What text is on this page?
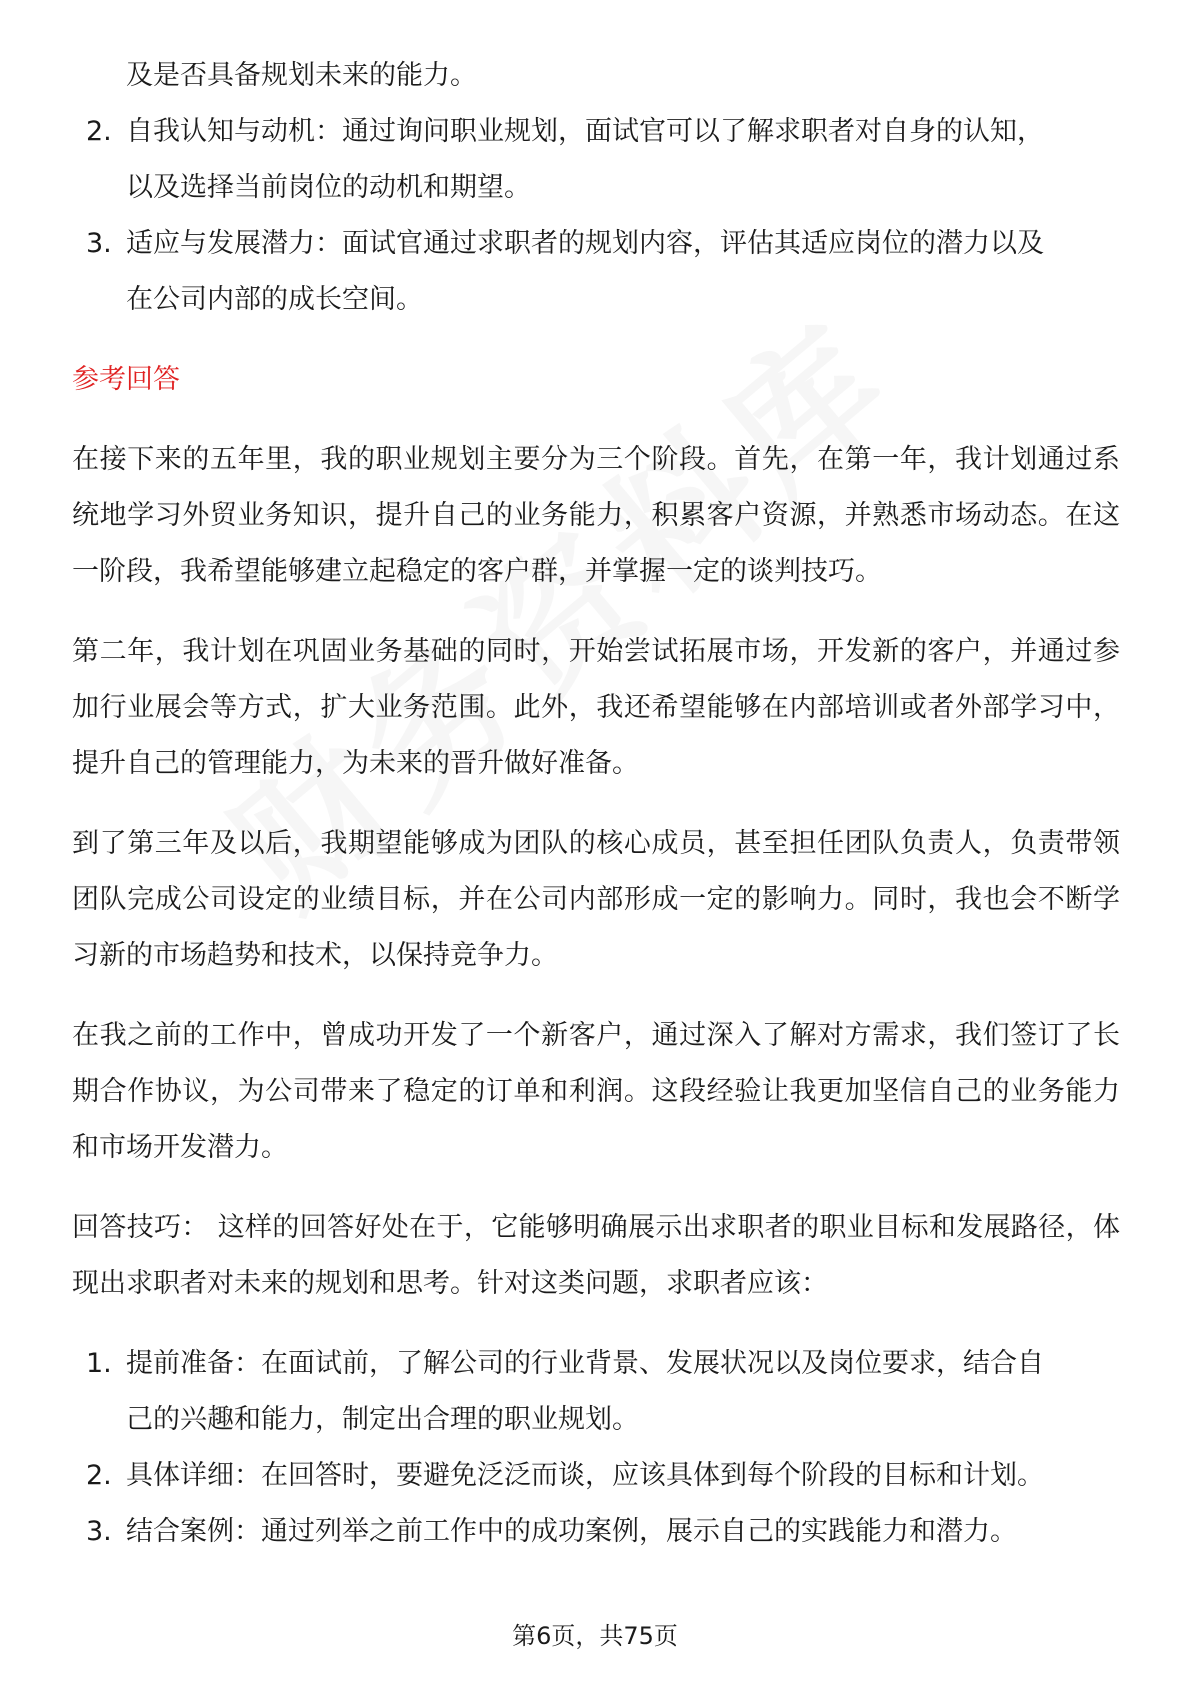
及是否具备规划未来的能力。
2. 自我认知与动机：通过询问职业规划，面试官可以了解求职者对自身的认知，
以及选择当前岗位的动机和期望。
3. 适应与发展潜力：面试官通过求职者的规划内容，评估其适应岗位的潜力以及
在公司内部的成长空间。
参考回答
在接下来的五年里，我的职业规划主要分为三个阶段。首先，在第一年，我计划通过系统地学习外贸业务知识，提升自己的业务能力，积累客户资源，并熟悉市场动态。在这一阶段，我希望能够建立起稳定的客户群，并掌握一定的谈判技巧。
第二年，我计划在巩固业务基础的同时，开始尝试拓展市场，开发新的客户，并通过参加行业展会等方式，扩大业务范围。此外，我还希望能够在内部培训或者外部学习中，提升自己的管理能力，为未来的晋升做好准备。
到了第三年及以后，我期望能够成为团队的核心成员，甚至担任团队负责人，负责带领团队完成公司设定的业绩目标，并在公司内部形成一定的影响力。同时，我也会不断学习新的市场趋势和技术，以保持竞争力。
在我之前的工作中，曾成功开发了一个新客户，通过深入了解对方需求，我们签订了长期合作协议，为公司带来了稳定的订单和利润。这段经验让我更加坚信自己的业务能力和市场开发潜力。
回答技巧： 这样的回答好处在于，它能够明确展示出求职者的职业目标和发展路径，体现出求职者对未来的规划和思考。针对这类问题，求职者应该：
1. 提前准备：在面试前，了解公司的行业背景、发展状况以及岗位要求，结合自
己的兴趣和能力，制定出合理的职业规划。
2. 具体详细：在回答时，要避免泛泛而谈，应该具体到每个阶段的目标和计划。
3. 结合案例：通过列举之前工作中的成功案例，展示自己的实践能力和潜力。
第6页，共75页
